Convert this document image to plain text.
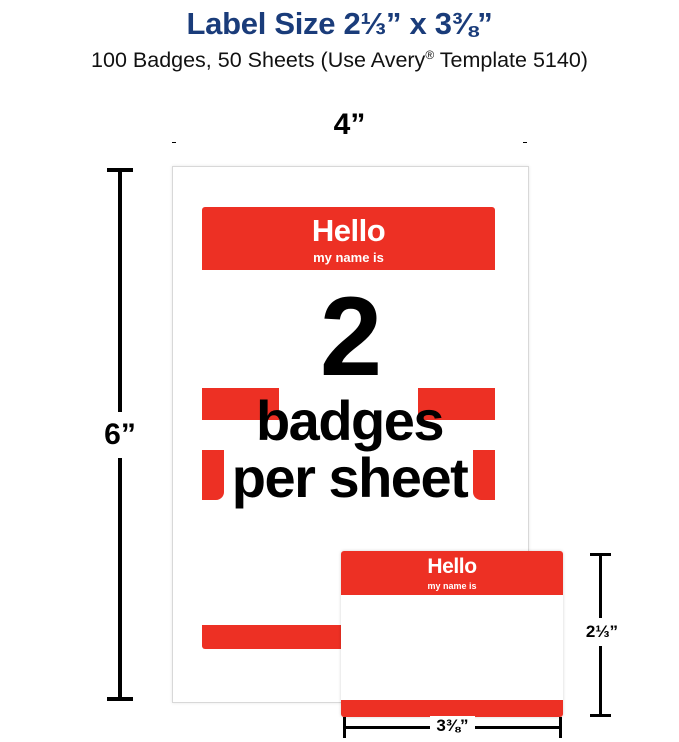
Label Size 2⅓” x 3⅜”
100 Badges, 50 Sheets (Use Avery® Template 5140)
4”
6”
Hello
my name is
2
badges
per sheet
Hello
my name is
2⅓”
3⅜”
